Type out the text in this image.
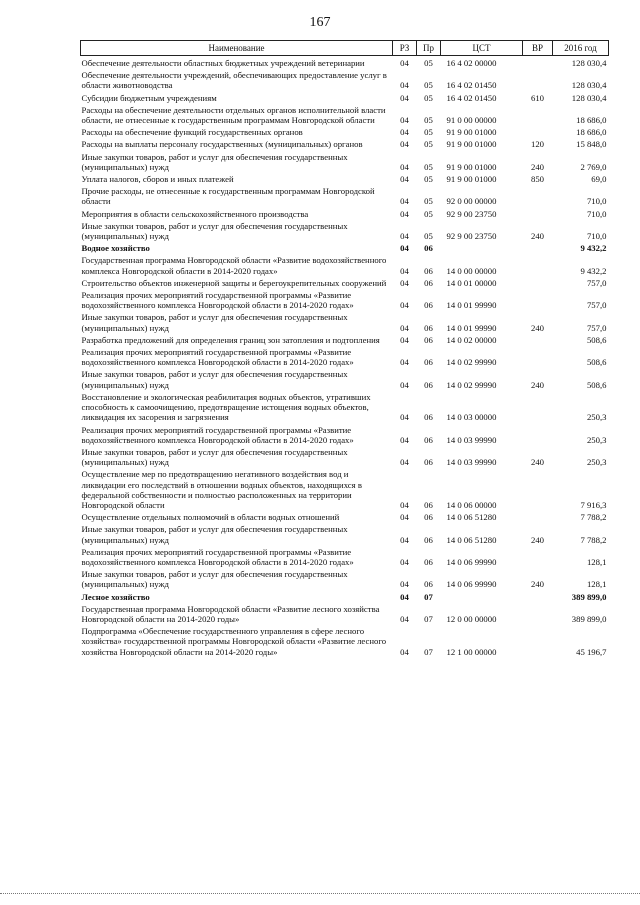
167
Наименование	РЗ	Пр	ЦСТ	ВР	2016 год
Обеспечение деятельности областных бюджетных учреждений ветеринарии	04	05	16 4 02 00000		128 030,4
Обеспечение деятельности учреждений, обеспечивающих предоставление услуг в области животноводства	04	05	16 4 02 01450		128 030,4
Субсидии бюджетным учреждениям	04	05	16 4 02 01450	610	128 030,4
Расходы на обеспечение деятельности отдельных органов исполнительной власти области, не отнесенные к государственным программам Новгородской области	04	05	91 0 00 00000		18 686,0
Расходы на обеспечение функций государственных органов	04	05	91 9 00 01000		18 686,0
Расходы на выплаты персоналу государственных (муниципальных) органов	04	05	91 9 00 01000	120	15 848,0
Иные закупки товаров, работ и услуг для обеспечения государственных (муниципальных) нужд	04	05	91 9 00 01000	240	2 769,0
Уплата налогов, сборов и иных платежей	04	05	91 9 00 01000	850	69,0
Прочие расходы, не отнесенные к государственным программам Новгородской области	04	05	92 0 00 00000		710,0
Мероприятия в области сельскохозяйственного производства	04	05	92 9 00 23750		710,0
Иные закупки товаров, работ и услуг для обеспечения государственных (муниципальных) нужд	04	05	92 9 00 23750	240	710,0
Водное хозяйство	04	06			9 432,2
Государственная программа Новгородской области «Развитие водохозяйственного комплекса Новгородской области в 2014-2020 годах»	04	06	14 0 00 00000		9 432,2
Строительство объектов инженерной защиты и берегоукрепительных сооружений	04	06	14 0 01 00000		757,0
Реализация прочих мероприятий государственной программы «Развитие водохозяйственного комплекса Новгородской области в 2014-2020 годах»	04	06	14 0 01 99990		757,0
Иные закупки товаров, работ и услуг для обеспечения государственных (муниципальных) нужд	04	06	14 0 01 99990	240	757,0
Разработка предложений для определения границ зон затопления и подтопления	04	06	14 0 02 00000		508,6
Реализация прочих мероприятий государственной программы «Развитие водохозяйственного комплекса Новгородской области в 2014-2020 годах»	04	06	14 0 02 99990		508,6
Иные закупки товаров, работ и услуг для обеспечения государственных (муниципальных) нужд	04	06	14 0 02 99990	240	508,6
Восстановление и экологическая реабилитация водных объектов, утративших способность к самоочищению, предотвращение истощения водных объектов, ликвидация их засорения и загрязнения	04	06	14 0 03 00000		250,3
Реализация прочих мероприятий государственной программы «Развитие водохозяйственного комплекса Новгородской области в 2014-2020 годах»	04	06	14 0 03 99990		250,3
Иные закупки товаров, работ и услуг для обеспечения государственных (муниципальных) нужд	04	06	14 0 03 99990	240	250,3
Осуществление мер по предотвращению негативного воздействия вод и ликвидации его последствий в отношении водных объектов, находящихся в федеральной собственности и полностью расположенных на территории Новгородской области	04	06	14 0 06 00000		7 916,3
Осуществление отдельных полномочий в области водных отношений	04	06	14 0 06 51280		7 788,2
Иные закупки товаров, работ и услуг для обеспечения государственных (муниципальных) нужд	04	06	14 0 06 51280	240	7 788,2
Реализация прочих мероприятий государственной программы «Развитие водохозяйственного комплекса Новгородской области в 2014-2020 годах»	04	06	14 0 06 99990		128,1
Иные закупки товаров, работ и услуг для обеспечения государственных (муниципальных) нужд	04	06	14 0 06 99990	240	128,1
Лесное хозяйство	04	07			389 899,0
Государственная программа Новгородской области «Развитие лесного хозяйства Новгородской области на 2014-2020 годы»	04	07	12 0 00 00000		389 899,0
Подпрограмма «Обеспечение государственного управления в сфере лесного хозяйства» государственной программы Новгородской области «Развитие лесного хозяйства Новгородской области на 2014-2020 годы»	04	07	12 1 00 00000		45 196,7
